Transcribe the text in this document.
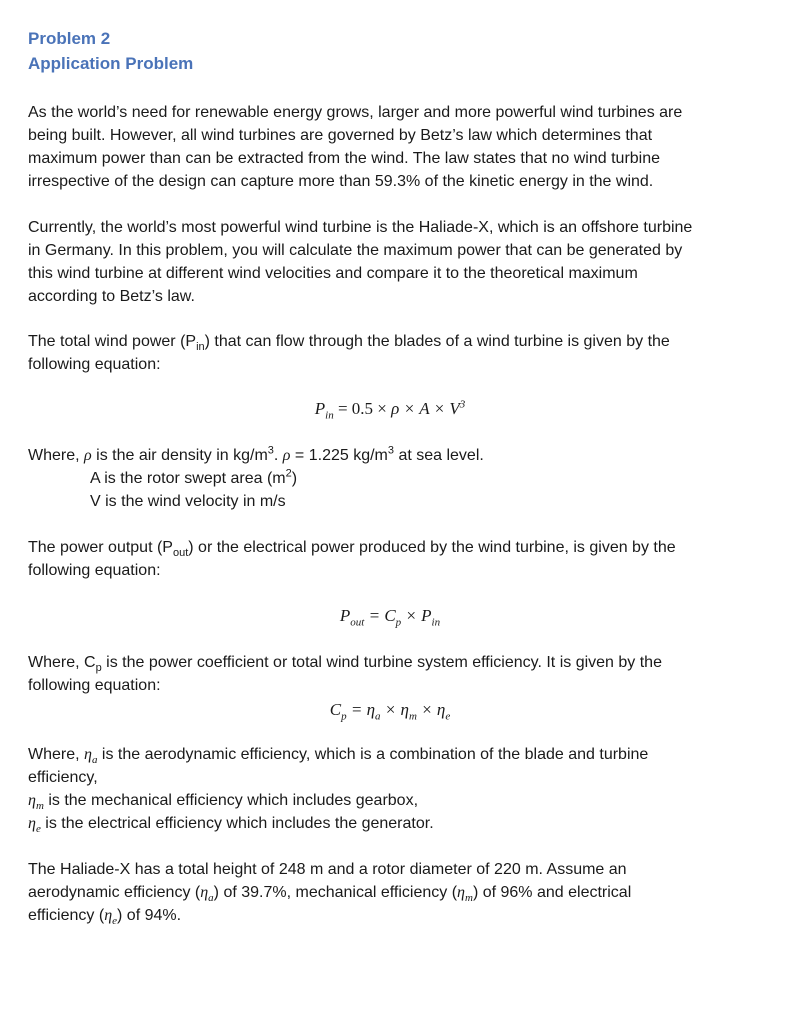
Problem 2
Application Problem

As the world’s need for renewable energy grows, larger and more powerful wind turbines are
being built. However, all wind turbines are governed by Betz’s law which determines that
maximum power than can be extracted from the wind. The law states that no wind turbine
irrespective of the design can capture more than 59.3% of the kinetic energy in the wind.

Currently, the world’s most powerful wind turbine is the Haliade-X, which is an offshore turbine
in Germany. In this problem, you will calculate the maximum power that can be generated by
this wind turbine at different wind velocities and compare it to the theoretical maximum
according to Betz’s law.

The total wind power $(P_{in})$ that can flow through the blades of a wind turbine is given by the
following equation:

$P_{in} = 0.5 \times \rho \times A \times V^3$

Where, ρ is the air density in $kg/m^3$. ρ = 1.225 $kg/m^3$ at sea level.
A is the rotor swept area $(m^2)$
V is the wind velocity in m/s

The power output $(P_{out})$ or the electrical power produced by the wind turbine, is given by the
following equation:

$P_{out} = C_p \times P_{in}$

Where, $C_p$ is the power coefficient or total wind turbine system efficiency. It is given by the
following equation:

$C_p = \eta_a \times \eta_m \times \eta_e$

Where, $\eta_a$ is the aerodynamic efficiency, which is a combination of the blade and turbine
efficiency,
$\eta_m$ is the mechanical efficiency which includes gearbox,
$\eta_e$ is the electrical efficiency which includes the generator.

The Haliade-X has a total height of 248 m and a rotor diameter of 220 m. Assume an
aerodynamic efficiency $(\eta_a)$ of 39.7%, mechanical efficiency $(\eta_m)$ of 96% and electrical
efficiency $(\eta_e)$ of 94%.
